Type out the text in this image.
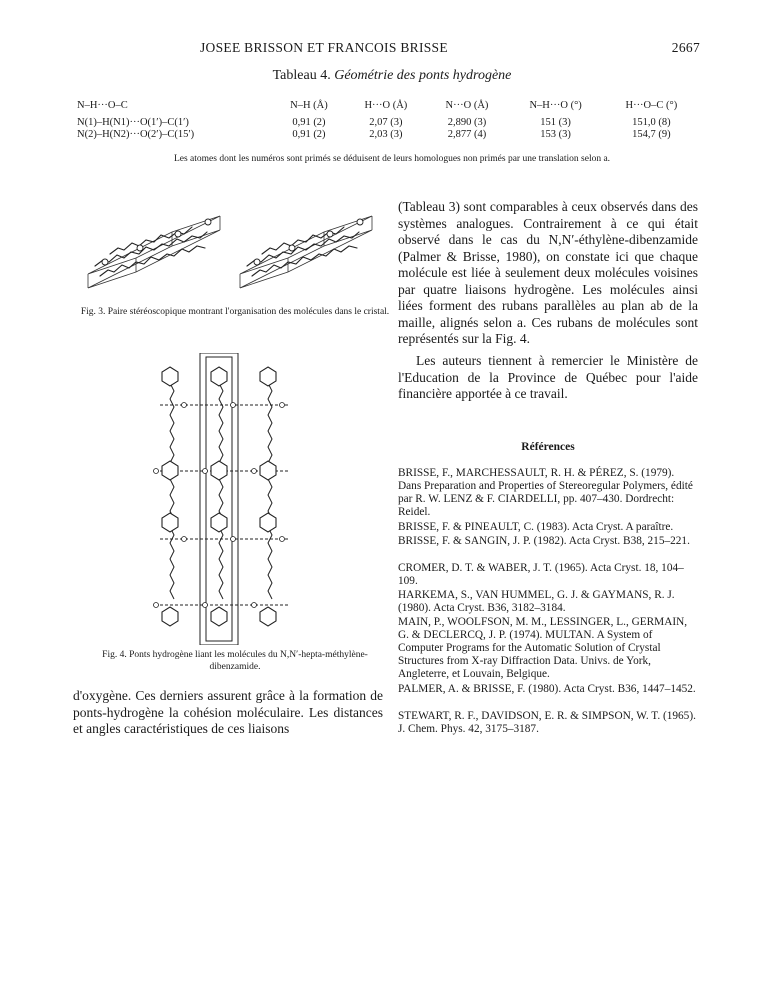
JOSEE BRISSON ET FRANCOIS BRISSE	2667
Tableau 4. Géométrie des ponts hydrogène
N–H···O–C	N–H (Å)	H···O (Å)	N···O (Å)	N–H···O (°)	H···O–C (°)
N(1)–H(N1)···O(1′)–C(1′)	0,91 (2)	2,07 (3)	2,890 (3)	151 (3)	151,0 (8)
N(2)–H(N2)···O(2′)–C(15′)	0,91 (2)	2,03 (3)	2,877 (4)	153 (3)	154,7 (9)
Les atomes dont les numéros sont primés se déduisent de leurs homologues non primés par une translation selon a.
Fig. 3. Paire stéréoscopique montrant l'organisation des molécules dans le cristal.
Fig. 4. Ponts hydrogène liant les molécules du N,N′-hepta-méthylène-dibenzamide.
d'oxygène. Ces derniers assurent grâce à la formation de ponts-hydrogène la cohésion moléculaire. Les distances et angles caractéristiques de ces liaisons
(Tableau 3) sont comparables à ceux observés dans des systèmes analogues. Contrairement à ce qui était observé dans le cas du N,N′-éthylène-dibenzamide (Palmer & Brisse, 1980), on constate ici que chaque molécule est liée à seulement deux molécules voisines par quatre liaisons hydrogène. Les molécules ainsi liées forment des rubans parallèles au plan ab de la maille, alignés selon a. Ces rubans de molécules sont représentés sur la Fig. 4.
Les auteurs tiennent à remercier le Ministère de l'Education de la Province de Québec pour l'aide financière apportée à ce travail.
Références
BRISSE, F., MARCHESSAULT, R. H. & PÉREZ, S. (1979). Dans Preparation and Properties of Stereoregular Polymers, édité par R. W. LENZ & F. CIARDELLI, pp. 407–430. Dordrecht: Reidel.
BRISSE, F. & PINEAULT, C. (1983). Acta Cryst. A paraître.
BRISSE, F. & SANGIN, J. P. (1982). Acta Cryst. B38, 215–221.
CROMER, D. T. & WABER, J. T. (1965). Acta Cryst. 18, 104–109.
HARKEMA, S., VAN HUMMEL, G. J. & GAYMANS, R. J. (1980). Acta Cryst. B36, 3182–3184.
MAIN, P., WOOLFSON, M. M., LESSINGER, L., GERMAIN, G. & DECLERCQ, J. P. (1974). MULTAN. A System of Computer Programs for the Automatic Solution of Crystal Structures from X-ray Diffraction Data. Univs. de York, Angleterre, et Louvain, Belgique.
PALMER, A. & BRISSE, F. (1980). Acta Cryst. B36, 1447–1452.
STEWART, R. F., DAVIDSON, E. R. & SIMPSON, W. T. (1965). J. Chem. Phys. 42, 3175–3187.
